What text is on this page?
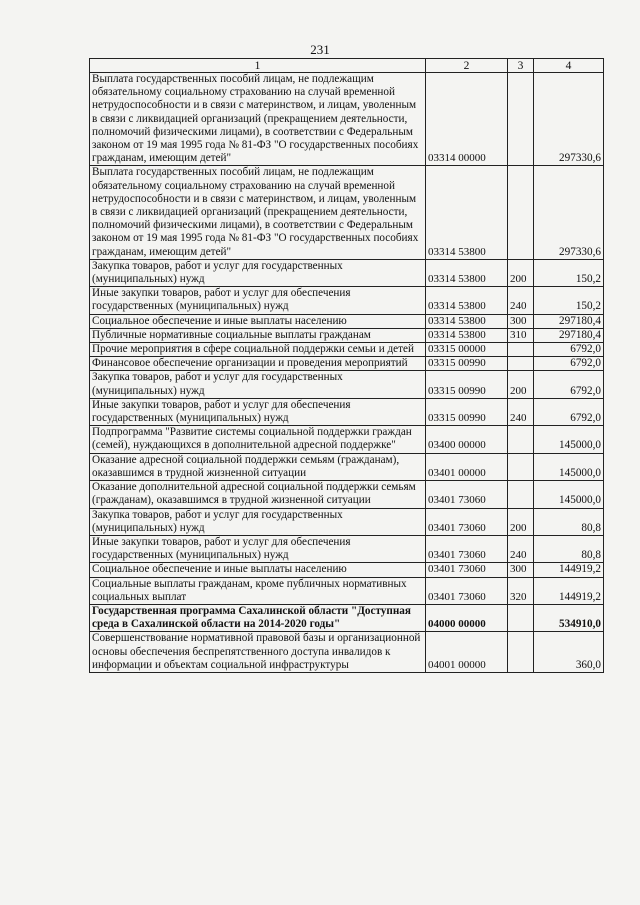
231
1	2	3	4
Выплата государственных пособий лицам, не подлежащим обязательному социальному страхованию на случай временной нетрудоспособности и в связи с материнством, и лицам, уволенным в связи с ликвидацией организаций (прекращением деятельности, полномочий физическими лицами), в соответствии с Федеральным законом от 19 мая 1995 года № 81-ФЗ "О государственных пособиях гражданам, имеющим детей"	03314 00000		297330,6
Выплата государственных пособий лицам, не подлежащим обязательному социальному страхованию на случай временной нетрудоспособности и в связи с материнством, и лицам, уволенным в связи с ликвидацией организаций (прекращением деятельности, полномочий физическими лицами), в соответствии с Федеральным законом от 19 мая 1995 года № 81-ФЗ "О государственных пособиях гражданам, имеющим детей"	03314 53800		297330,6
Закупка товаров, работ и услуг для государственных (муниципальных) нужд	03314 53800	200	150,2
Иные закупки товаров, работ и услуг для обеспечения государственных (муниципальных) нужд	03314 53800	240	150,2
Социальное обеспечение и иные выплаты населению	03314 53800	300	297180,4
Публичные нормативные социальные выплаты гражданам	03314 53800	310	297180,4
Прочие мероприятия в сфере социальной поддержки семьи и детей	03315 00000		6792,0
Финансовое обеспечение организации и проведения мероприятий	03315 00990		6792,0
Закупка товаров, работ и услуг для государственных (муниципальных) нужд	03315 00990	200	6792,0
Иные закупки товаров, работ и услуг для обеспечения государственных (муниципальных) нужд	03315 00990	240	6792,0
Подпрограмма "Развитие системы социальной поддержки граждан (семей), нуждающихся в дополнительной адресной поддержке"	03400 00000		145000,0
Оказание адресной социальной поддержки семьям (гражданам), оказавшимся в трудной жизненной ситуации	03401 00000		145000,0
Оказание дополнительной адресной социальной поддержки семьям (гражданам), оказавшимся в трудной жизненной ситуации	03401 73060		145000,0
Закупка товаров, работ и услуг для государственных (муниципальных) нужд	03401 73060	200	80,8
Иные закупки товаров, работ и услуг для обеспечения государственных (муниципальных) нужд	03401 73060	240	80,8
Социальное обеспечение и иные выплаты населению	03401 73060	300	144919,2
Социальные выплаты гражданам, кроме публичных нормативных социальных выплат	03401 73060	320	144919,2
Государственная программа Сахалинской области "Доступная среда в Сахалинской области на 2014-2020 годы"	04000 00000		534910,0
Совершенствование нормативной правовой базы и организационной основы обеспечения беспрепятственного доступа инвалидов к информации и объектам социальной инфраструктуры	04001 00000		360,0
